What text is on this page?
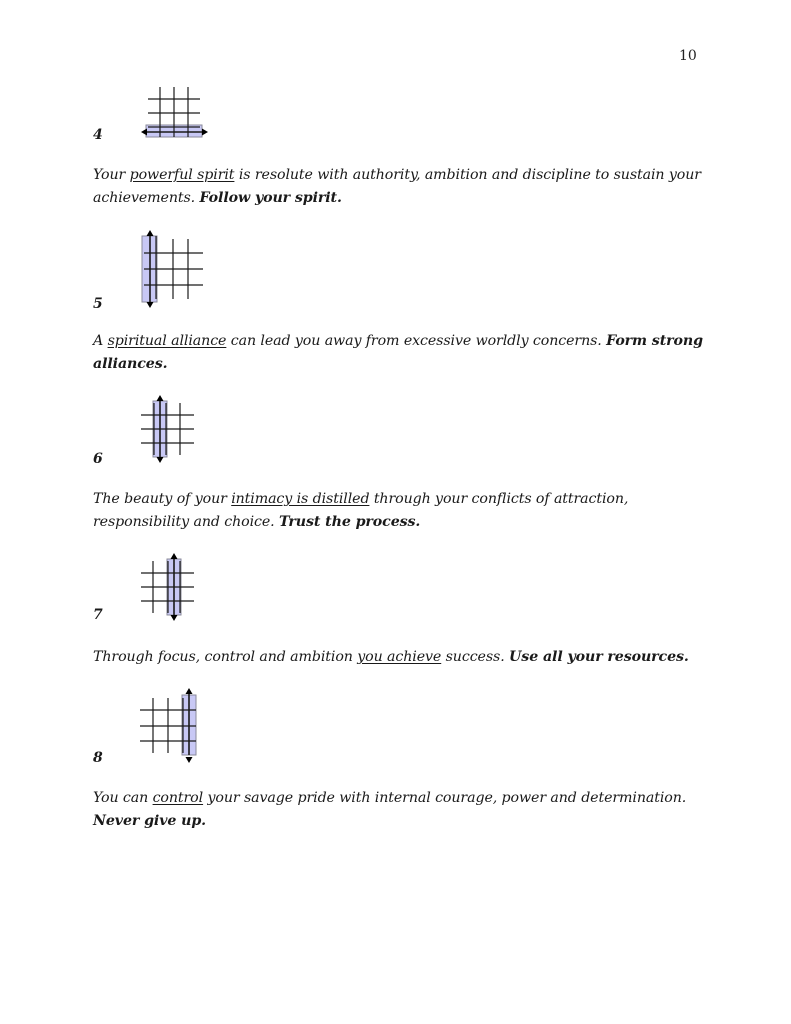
10
4
Your powerful spirit is resolute with authority, ambition and discipline to sustain your achievements. Follow your spirit.
5
A spiritual alliance can lead you away from excessive worldly concerns. Form strong alliances.
6
The beauty of your intimacy is distilled through your conflicts of attraction, responsibility and choice. Trust the process.
7
Through focus, control and ambition you achieve success. Use all your resources.
8
You can control your savage pride with internal courage, power and determination. Never give up.
